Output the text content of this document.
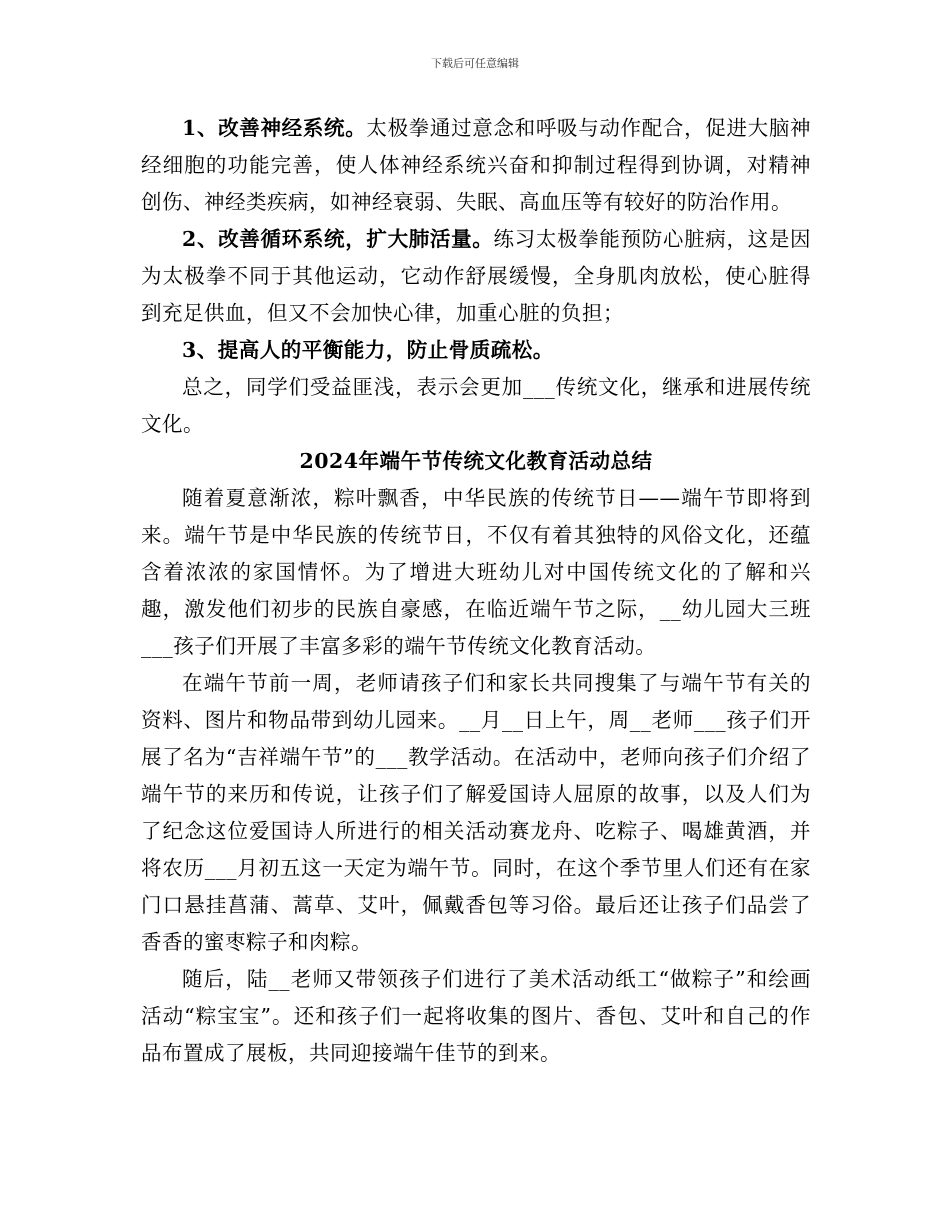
下载后可任意编辑

1、改善神经系统。太极拳通过意念和呼吸与动作配合，促进大脑神经细胞的功能完善，使人体神经系统兴奋和抑制过程得到协调，对精神创伤、神经类疾病，如神经衰弱、失眠、高血压等有较好的防治作用。

2、改善循环系统，扩大肺活量。练习太极拳能预防心脏病，这是因为太极拳不同于其他运动，它动作舒展缓慢，全身肌肉放松，使心脏得到充足供血，但又不会加快心律，加重心脏的负担；

3、提高人的平衡能力，防止骨质疏松。

总之，同学们受益匪浅，表示会更加___传统文化，继承和进展传统文化。

2024年端午节传统文化教育活动总结

随着夏意渐浓，粽叶飘香，中华民族的传统节日——端午节即将到来。端午节是中华民族的传统节日，不仅有着其独特的风俗文化，还蕴含着浓浓的家国情怀。为了增进大班幼儿对中国传统文化的了解和兴趣，激发他们初步的民族自豪感，在临近端午节之际，__幼儿园大三班___孩子们开展了丰富多彩的端午节传统文化教育活动。

在端午节前一周，老师请孩子们和家长共同搜集了与端午节有关的资料、图片和物品带到幼儿园来。__月__日上午，周__老师___孩子们开展了名为“吉祥端午节”的___教学活动。在活动中，老师向孩子们介绍了端午节的来历和传说，让孩子们了解爱国诗人屈原的故事，以及人们为了纪念这位爱国诗人所进行的相关活动赛龙舟、吃粽子、喝雄黄酒，并将农历___月初五这一天定为端午节。同时，在这个季节里人们还有在家门口悬挂菖蒲、蒿草、艾叶，佩戴香包等习俗。最后还让孩子们品尝了香香的蜜枣粽子和肉粽。

随后，陆__老师又带领孩子们进行了美术活动纸工“做粽子”和绘画活动“粽宝宝”。还和孩子们一起将收集的图片、香包、艾叶和自己的作品布置成了展板，共同迎接端午佳节的到来。
